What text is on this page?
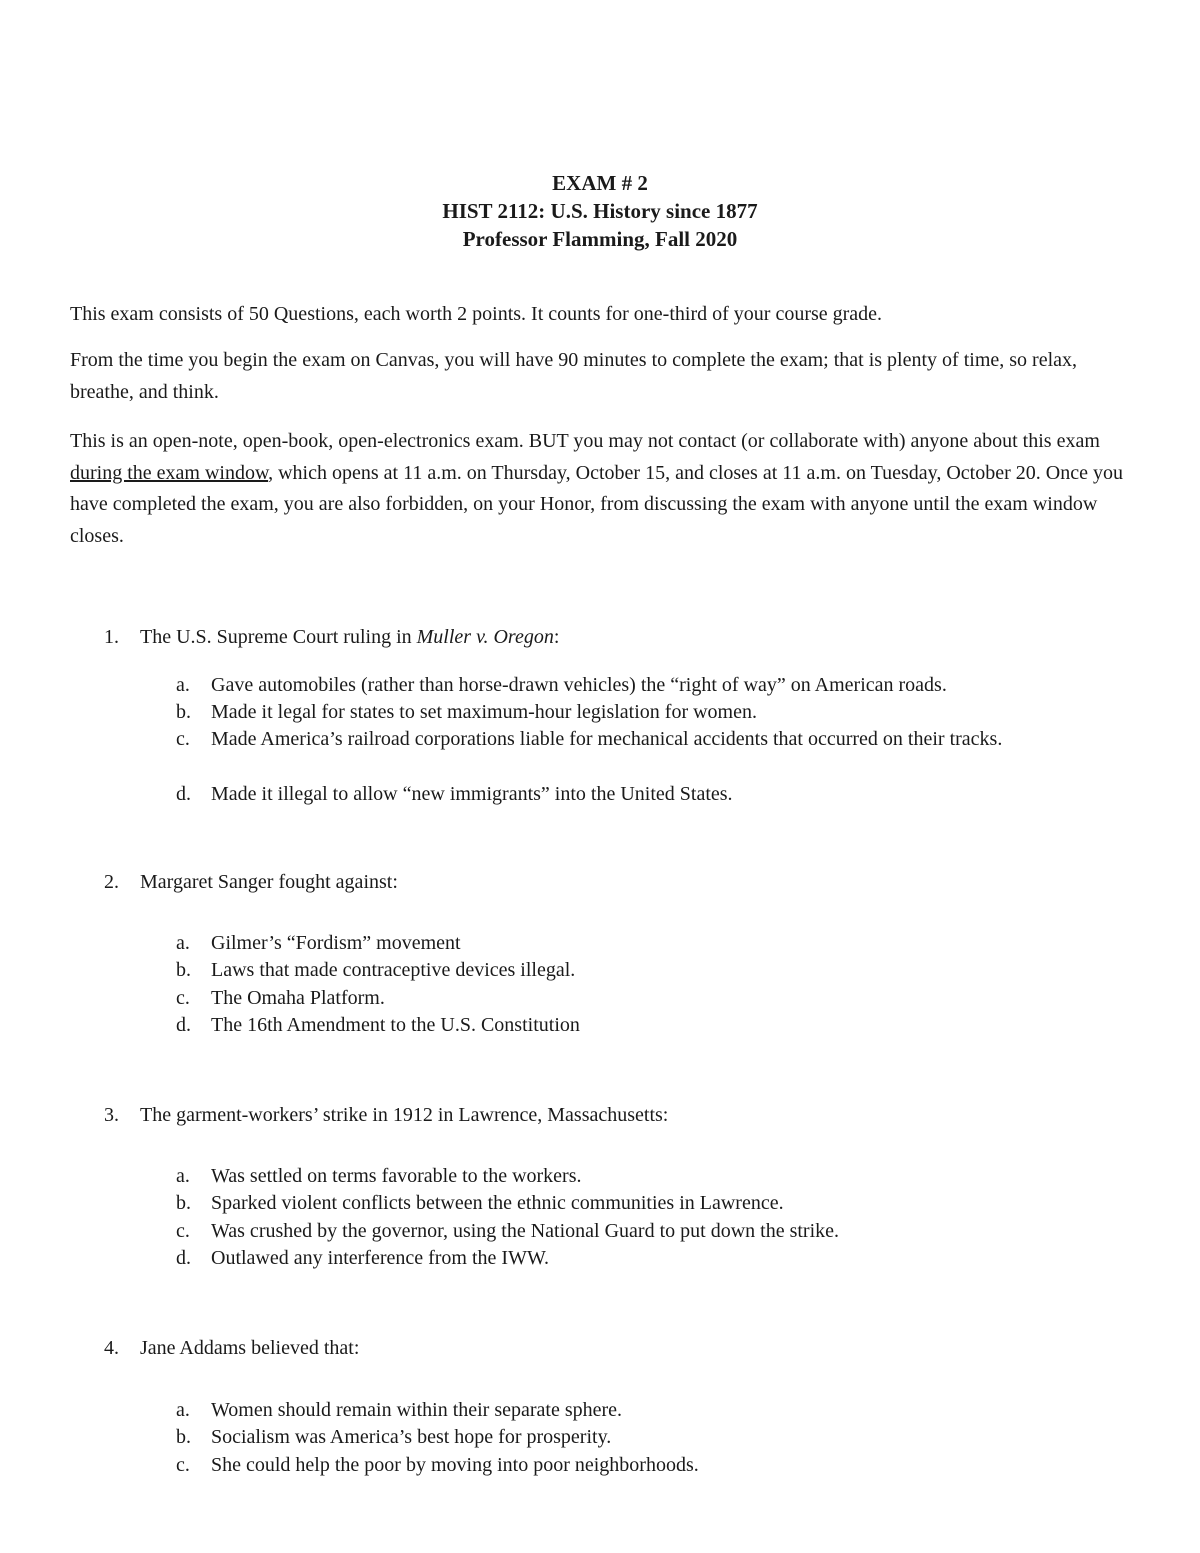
EXAM # 2
HIST 2112: U.S. History since 1877
Professor Flamming, Fall 2020

This exam consists of 50 Questions, each worth 2 points. It counts for one-third of your course grade.

From the time you begin the exam on Canvas, you will have 90 minutes to complete the exam; that is plenty of time, so relax, breathe, and think.

This is an open-note, open-book, open-electronics exam. BUT you may not contact (or collaborate with) anyone about this exam during the exam window, which opens at 11 a.m. on Thursday, October 15, and closes at 11 a.m. on Tuesday, October 20. Once you have completed the exam, you are also forbidden, on your Honor, from discussing the exam with anyone until the exam window closes.

1. The U.S. Supreme Court ruling in Muller v. Oregon:
a. Gave automobiles (rather than horse-drawn vehicles) the “right of way” on American roads.
b. Made it legal for states to set maximum-hour legislation for women.
c. Made America’s railroad corporations liable for mechanical accidents that occurred on their tracks.
d. Made it illegal to allow “new immigrants” into the United States.
2. Margaret Sanger fought against:
a. Gilmer’s “Fordism” movement
b. Laws that made contraceptive devices illegal.
c. The Omaha Platform.
d. The 16th Amendment to the U.S. Constitution
3. The garment-workers’ strike in 1912 in Lawrence, Massachusetts:
a. Was settled on terms favorable to the workers.
b. Sparked violent conflicts between the ethnic communities in Lawrence.
c. Was crushed by the governor, using the National Guard to put down the strike.
d. Outlawed any interference from the IWW.
4. Jane Addams believed that:
a. Women should remain within their separate sphere.
b. Socialism was America’s best hope for prosperity.
c. She could help the poor by moving into poor neighborhoods.
